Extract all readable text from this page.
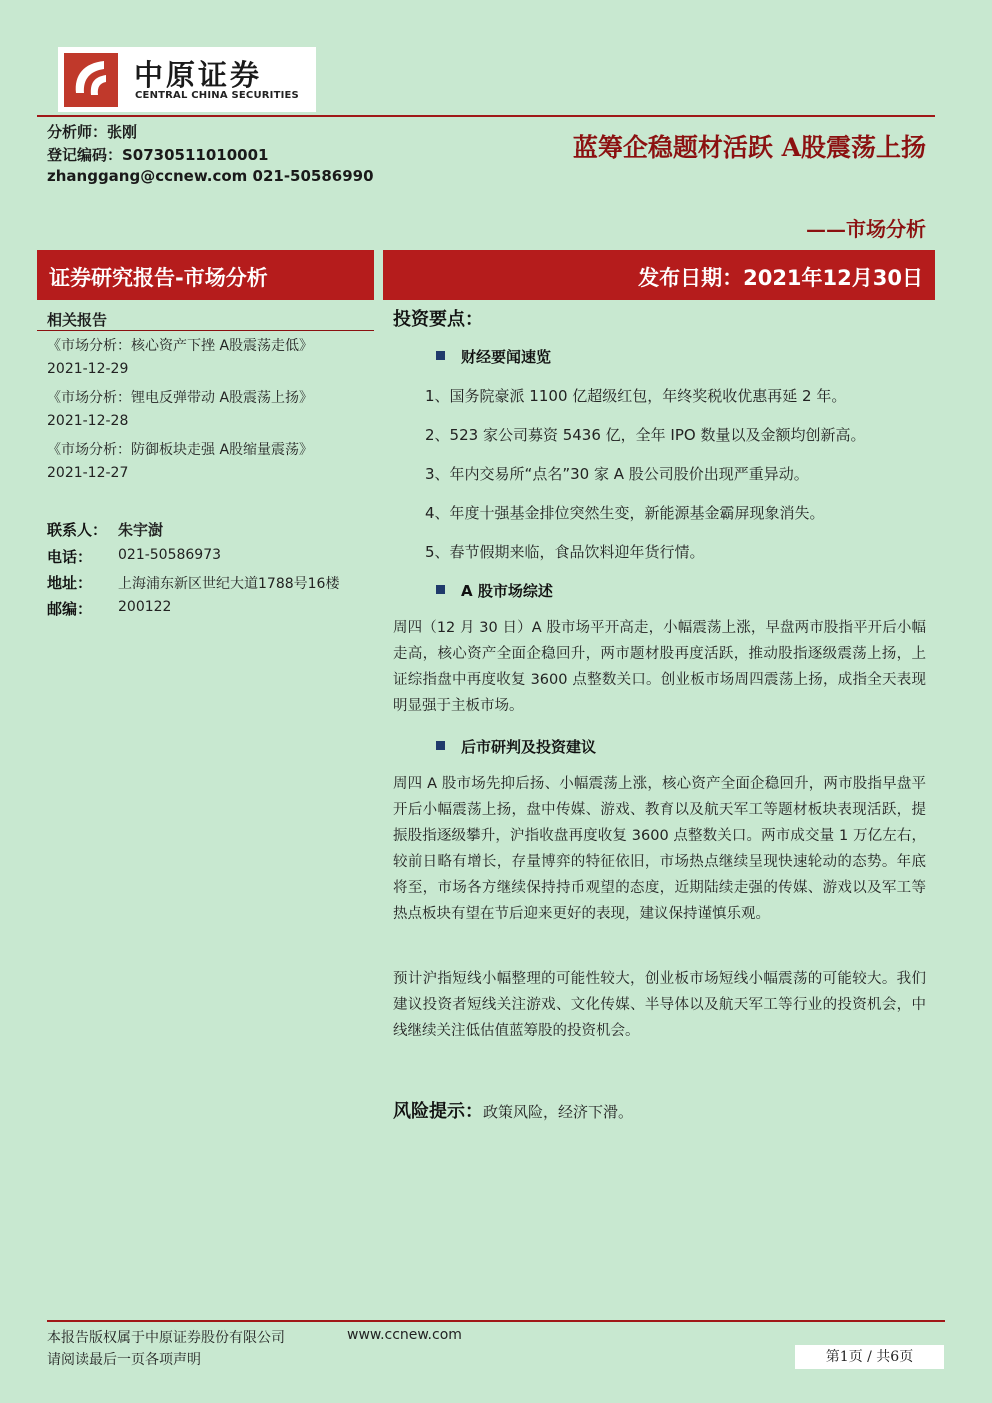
中原证券
CENTRAL CHINA SECURITIES
分析师：张刚
登记编码：S0730511010001
zhanggang@ccnew.com 021-50586990
蓝筹企稳题材活跃 A股震荡上扬
——市场分析
证券研究报告-市场分析	发布日期：2021年12月30日
相关报告
《市场分析：核心资产下挫 A股震荡走低》
2021-12-29
《市场分析：锂电反弹带动 A股震荡上扬》
2021-12-28
《市场分析：防御板块走强 A股缩量震荡》
2021-12-27
联系人： 朱宇澍
电话： 021-50586973
地址： 上海浦东新区世纪大道1788号16楼
邮编： 200122
投资要点：
财经要闻速览
1、国务院豪派 1100 亿超级红包，年终奖税收优惠再延 2 年。
2、523 家公司募资 5436 亿，全年 IPO 数量以及金额均创新高。
3、年内交易所“点名”30 家 A 股公司股价出现严重异动。
4、年度十强基金排位突然生变，新能源基金霸屏现象消失。
5、春节假期来临，食品饮料迎年货行情。
A 股市场综述
周四（12 月 30 日）A 股市场平开高走，小幅震荡上涨，早盘两市股指平开后小幅走高，核心资产全面企稳回升，两市题材股再度活跃，推动股指逐级震荡上扬，上证综指盘中再度收复 3600 点整数关口。创业板市场周四震荡上扬，成指全天表现明显强于主板市场。
后市研判及投资建议
周四 A 股市场先抑后扬、小幅震荡上涨，核心资产全面企稳回升，两市股指早盘平开后小幅震荡上扬，盘中传媒、游戏、教育以及航天军工等题材板块表现活跃，提振股指逐级攀升，沪指收盘再度收复 3600 点整数关口。两市成交量 1 万亿左右，较前日略有增长，存量博弈的特征依旧，市场热点继续呈现快速轮动的态势。年底将至，市场各方继续保持持币观望的态度，近期陆续走强的传媒、游戏以及军工等热点板块有望在节后迎来更好的表现，建议保持谨慎乐观。
预计沪指短线小幅整理的可能性较大，创业板市场短线小幅震荡的可能较大。我们建议投资者短线关注游戏、文化传媒、半导体以及航天军工等行业的投资机会，中线继续关注低估值蓝筹股的投资机会。
风险提示：政策风险，经济下滑。
本报告版权属于中原证券股份有限公司	www.ccnew.com
请阅读最后一页各项声明	第1页 / 共6页
